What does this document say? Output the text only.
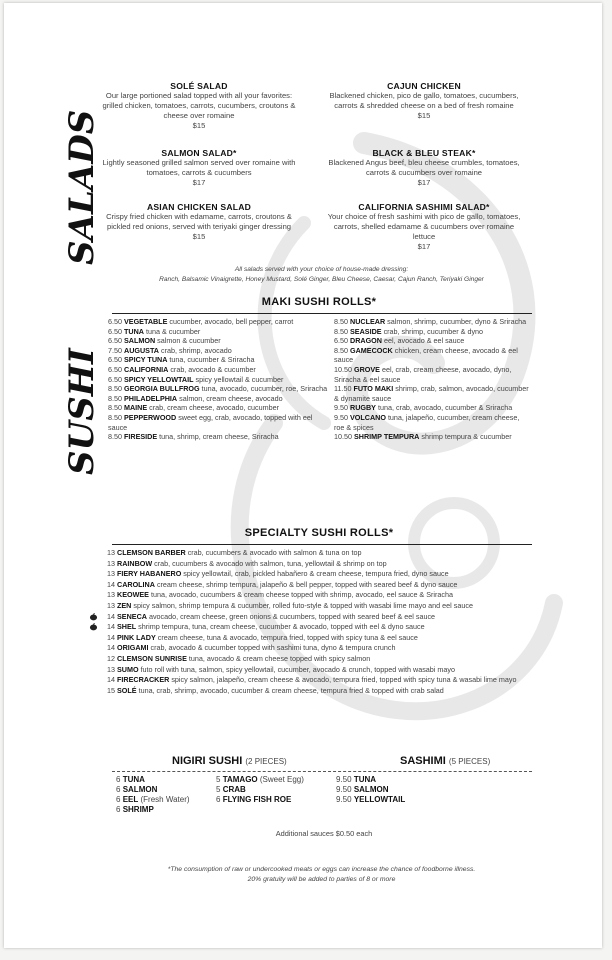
SALADS
SUSHI
SOLÉ SALAD
Our large portioned salad topped with all your favorites: grilled chicken, tomatoes, carrots, cucumbers, croutons & cheese over romaine
$15
CAJUN CHICKEN
Blackened chicken, pico de gallo, tomatoes, cucumbers, carrots & shredded cheese on a bed of fresh romaine
$15
SALMON SALAD*
Lightly seasoned grilled salmon served over romaine with tomatoes, carrots & cucumbers
$17
BLACK & BLEU STEAK*
Blackened Angus beef, bleu cheese crumbles, tomatoes, carrots & cucumbers over romaine
$17
ASIAN CHICKEN SALAD
Crispy fried chicken with edamame, carrots, croutons & pickled red onions, served with teriyaki ginger dressing
$15
CALIFORNIA SASHIMI SALAD*
Your choice of fresh sashimi with pico de gallo, tomatoes, carrots, shelled edamame & cucumbers over romaine lettuce
$17
All salads served with your choice of house-made dressing:
Ranch, Balsamic Vinaigrette, Honey Mustard, Solé Ginger, Bleu Cheese, Caesar, Cajun Ranch, Teriyaki Ginger
MAKI SUSHI ROLLS*
6.50 VEGETABLE cucumber, avocado, bell pepper, carrot
6.50 TUNA tuna & cucumber
6.50 SALMON salmon & cucumber
7.50 AUGUSTA crab, shrimp, avocado
6.50 SPICY TUNA tuna, cucumber & Sriracha
6.50 CALIFORNIA crab, avocado & cucumber
6.50 SPICY YELLOWTAIL spicy yellowtail & cucumber
8.50 GEORGIA BULLFROG tuna, avocado, cucumber, roe, Sriracha
8.50 PHILADELPHIA salmon, cream cheese, avocado
8.50 MAINE crab, cream cheese, avocado, cucumber
8.50 PEPPERWOOD sweet egg, crab, avocado, topped with eel sauce
8.50 FIRESIDE tuna, shrimp, cream cheese, Sriracha
8.50 NUCLEAR salmon, shrimp, cucumber, dyno & Sriracha
8.50 SEASIDE crab, shrimp, cucumber & dyno
6.50 DRAGON eel, avocado & eel sauce
8.50 GAMECOCK chicken, cream cheese, avocado & eel sauce
10.50 GROVE eel, crab, cream cheese, avocado, dyno, Sriracha & eel sauce
11.50 FUTO MAKI shrimp, crab, salmon, avocado, cucumber & dynamite sauce
9.50 RUGBY tuna, crab, avocado, cucumber & Sriracha
9.50 VOLCANO tuna, jalapeño, cucumber, cream cheese, roe & spices
10.50 SHRIMP TEMPURA shrimp tempura & cucumber
SPECIALTY SUSHI ROLLS*
13 CLEMSON BARBER crab, cucumbers & avocado with salmon & tuna on top
13 RAINBOW crab, cucumbers & avocado with salmon, tuna, yellowtail & shrimp on top
13 FIERY HABANERO spicy yellowtail, crab, pickled habañero & cream cheese, tempura fried, dyno sauce
14 CAROLINA cream cheese, shrimp tempura, jalapeño & bell pepper, topped with seared beef & dyno sauce
13 KEOWEE tuna, avocado, cucumbers & cream cheese topped with shrimp, avocado, eel sauce & Sriracha
13 ZEN spicy salmon, shrimp tempura & cucumber, rolled futo-style & topped with wasabi lime mayo and eel sauce
14 SENECA avocado, cream cheese, green onions & cucumbers, topped with seared beef & eel sauce
14 SHEL shrimp tempura, tuna, cream cheese, cucumber & avocado, topped with eel & dyno sauce
14 PINK LADY cream cheese, tuna & avocado, tempura fried, topped with spicy tuna & eel sauce
14 ORIGAMI crab, avocado & cucumber topped with sashimi tuna, dyno & tempura crunch
12 CLEMSON SUNRISE tuna, avocado & cream cheese topped with spicy salmon
13 SUMO futo roll with tuna, salmon, spicy yellowtail, cucumber, avocado & crunch, topped with wasabi mayo
14 FIRECRACKER spicy salmon, jalapeño, cream cheese & avocado, tempura fried, topped with spicy tuna & wasabi lime mayo
15 SOLÉ tuna, crab, shrimp, avocado, cucumber & cream cheese, tempura fried & topped with crab salad
NIGIRI SUSHI (2 PIECES)	SASHIMI (5 PIECES)
6 TUNA
6 SALMON
6 EEL (Fresh Water)
6 SHRIMP
5 TAMAGO (Sweet Egg)
5 CRAB
6 FLYING FISH ROE
9.50 TUNA
9.50 SALMON
9.50 YELLOWTAIL
Additional sauces $0.50 each
*The consumption of raw or undercooked meats or eggs can increase the chance of foodborne illness.
20% gratuity will be added to parties of 8 or more
